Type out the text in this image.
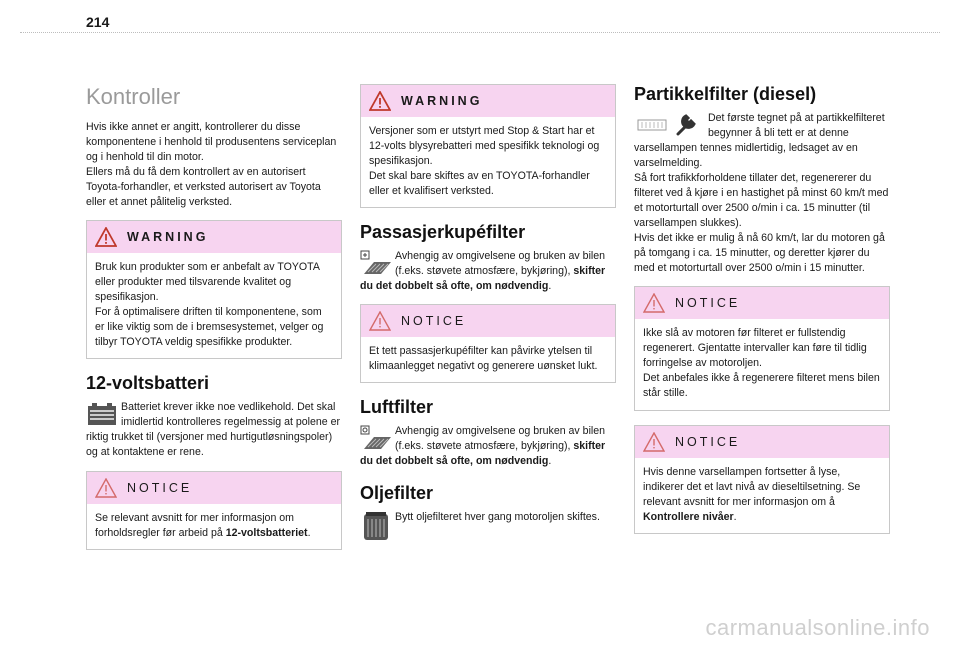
214
Kontroller

Hvis ikke annet er angitt, kontrollerer du disse komponentene i henhold til produsentens serviceplan og i henhold til din motor.

Ellers må du få dem kontrollert av en autorisert Toyota-forhandler, et verksted autorisert av Toyota eller et annet pålitelig verksted.

WARNING

Bruk kun produkter som er anbefalt av TOYOTA eller produkter med tilsvarende kvalitet og spesifikasjon.

For å optimalisere driften til komponentene, som er like viktig som de i bremsesystemet, velger og tilbyr TOYOTA veldig spesifikke produkter.

12-voltsbatteri

Batteriet krever ikke noe vedlikehold. Det skal imidlertid kontrolleres regelmessig at polene er riktig trukket til (versjoner med hurtigutløsningspoler) og at kontaktene er rene.

NOTICE

Se relevant avsnitt for mer informasjon om forholdsregler før arbeid på 12-voltsbatteriet.

WARNING

Versjoner som er utstyrt med Stop & Start har et 12-volts blysyrebatteri med spesifikk teknologi og spesifikasjon.

Det skal bare skiftes av en TOYOTA-forhandler eller et kvalifisert verksted.

Passasjerkupéfilter

Avhengig av omgivelsene og bruken av bilen (f.eks. støvete atmosfære, bykjøring), skifter du det dobbelt så ofte, om nødvendig.

NOTICE

Et tett passasjerkupéfilter kan påvirke ytelsen til klimaanlegget negativt og generere uønsket lukt.

Luftfilter

Avhengig av omgivelsene og bruken av bilen (f.eks. støvete atmosfære, bykjøring), skifter du det dobbelt så ofte, om nødvendig.

Oljefilter

Bytt oljefilteret hver gang motoroljen skiftes.

Partikkelfilter (diesel)

Det første tegnet på at partikkelfilteret begynner å bli tett er at denne varsellampen tennes midlertidig, ledsaget av en varselmelding.

Så fort trafikkforholdene tillater det, regenererer du filteret ved å kjøre i en hastighet på minst 60 km/t med et motorturtall over 2500 o/min i ca. 15 minutter (til varsellampen slukkes).

Hvis det ikke er mulig å nå 60 km/t, lar du motoren gå på tomgang i ca. 15 minutter, og deretter kjører du med et motorturtall over 2500 o/min i 15 minutter.

NOTICE

Ikke slå av motoren før filteret er fullstendig regenerert. Gjentatte intervaller kan føre til tidlig forringelse av motoroljen.

Det anbefales ikke å regenerere filteret mens bilen står stille.

NOTICE

Hvis denne varsellampen fortsetter å lyse, indikerer det et lavt nivå av dieseltilsetning. Se relevant avsnitt for mer informasjon om å Kontrollere nivåer.

carmanualsonline.info
